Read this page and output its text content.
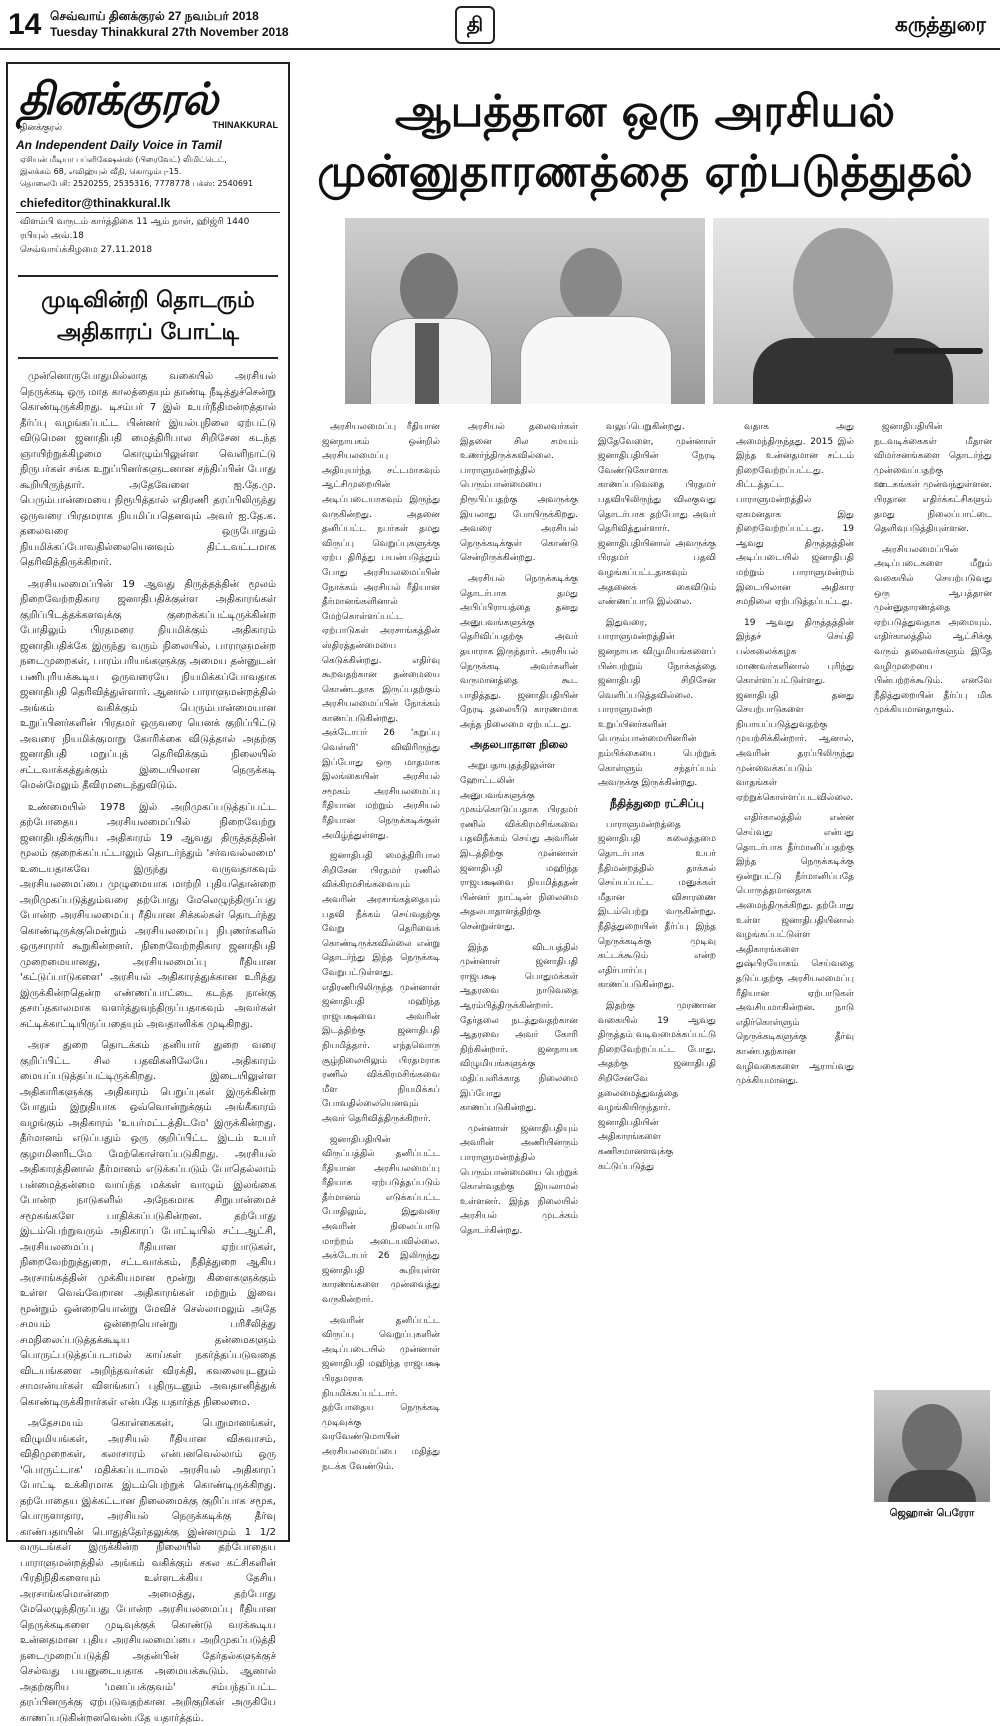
14 செவ்வாய் தினக்குரல் 27 நவம்பர் 2018
Tuesday Thinakkural 27th November 2018	தி	கருத்துரை
தினக்குரல்
தினக்குரல்	THINAKKURAL
An Independent Daily Voice in Tamil
ஏசியன் மீடியா பப்ளிகேஷன்ஸ் (பிரைவேட்) லிமிட்டெட்,
இலக்கம் 68, எவிஹ்யுல் வீதி, கொழும்பு-15.
தொலைபேசி: 2520255, 2535316, 7778778 பக்ஸ்: 2540691
chiefeditor@thinakkural.lk
விளம்பி வருடம் கார்த்திகை 11 ஆம் நாள், ஹிஜ்ரி 1440 ரபியுல் அவ்.18
செவ்வாய்க்கிழமை 27.11.2018
முடிவின்றி தொடரும்
அதிகாரப் போட்டி

முன்னொருபோதுமில்லாத வகையில் அரசியல் நெருக்கடி ஒரு மாத காலத்தையும் தாண்டி நீடித்துச்சென்று கொண்டிருக்கிறது. டிசம்பர் 7 இல் உயர்நீதிமன்றத்தால் தீர்ப்பு வழங்கப்பட்ட பின்னர் இயல்புநிலை ஏற்பட்டு விடுமென ஜனாதிபதி மைத்திரிபால சிறிசேன கடந்த ஞாயிற்றுக்கிழமை கொழும்பிலுள்ள வெளிநாட்டு நிருபர்கள் சங்க உறுப்பினர்களுடனான சந்திப்பின் போது கூறியிருந்தார். அதேவேளை ஐ.தே.மு. பெரும்பான்மையை நிரூபித்தால் எதிரணி தரப்பிலிருந்து ஒருவரை பிரதமராக நியமிப்பதெனவும் அவர் ஐ.தே.க. தலைவரை ஒருபோதும் நியமிக்கப்போவதில்லையெனவும் திட்டவட்டமாக தெரிவித்திருக்கிறார்.

அரசியலமைப்பின் 19 ஆவது திருத்தத்தின் மூலம் நிறைவேற்றதிகார ஜனாதிபதிக்குள்ள அதிகாரங்கள் குறிப்பிடத்தக்களவுக்கு குறைக்கப்பட்டிருக்கின்ற போதிலும் பிரதமரை நியமிக்கும் அதிகாரம் ஜனாதிபதிக்கே இருந்து வரும் நிலையில், பாராளுமன்ற நடைமுறைகள், பாரம்பரியங்களுக்கு அமைய தன்னுடன் பணிபுரியக்கூடிய ஒருவரையே நியமிக்கப்போவதாக ஜனாதிபதி தெரிவித்துள்ளார். ஆனால் பாராளுமன்றத்தில் அங்கம் வகிக்கும் பெரும்பான்மையான உறுப்பினர்களின் பிரதமர் ஒருவரை யெனக் குறிப்பிட்டு அவரை நியமிக்குமாறு கோரிக்கை விடுத்தால் அதற்கு ஜனாதிபதி மறுப்புத் தெரிவிக்கும் நிலையில் சட்டவாக்கத்துக்கும் இடையிலான நெருக்கடி மென்மேலும் தீவிரமடைந்துவிடும்.

உண்மையில் 1978 இல் அறிமுகப்படுத்தப்பட்ட தற்போதைய அரசியலமைப்பில் நிறைவேற்று ஜனாதிபதிக்குரிய அதிகாரம் 19 ஆவது திருத்தத்தின் மூலம் குறைக்கப்பட்டாலும் தொடர்ந்தும் 'சர்வவல்லமை' உடையதாகவே இருந்து வருவதாகவும் அரசியலமைப்பை முழுமையாக மாற்றி புதியதொன்றை அறிமுகப்படுத்தும்வரை தற்போது மேலெழுந்திருப்பது போன்ற அரசியலமைப்பு ரீதியான சிக்கல்கள் தொடர்ந்து கொண்டிருக்குமென்றும் அரசியலமைப்பு நிபுணர்களில் ஒருசாரார் கூறுகின்றனர். நிறைவேற்றதிகார ஜனாதிபதி முறைமையானது, அரசியலமைப்பு ரீதியான 'கட்டுப்பாடுகளை' அரசியல் அதிகாரத்துக்கான உரித்து இருக்கின்றதென்ற எண்ணப்பாட்டை கடந்த நான்கு தசாப்தகாலமாக வளர்த்துவந்திருப்பதாகவும் அவர்கள் சுட்டிக்காட்டியிருப்பதையும் அவதானிக்க முடிகிறது.

அரச துறை தொடக்கம் தனியார் துறை வரை குறிப்பிட்ட சில பதவிகளிலேயே அதிகாரம் மையப்படுத்தப்பட்டிருக்கிறது. இடையிலுள்ள அதிகாரிகளுக்கு அதிகாரம் பெறுப்புகள் இருக்கின்ற போதும் இறுதியாக ஒவ்வொன்றுக்கும் அங்கீகாரம் வழங்கும் அதிகாரம் 'உயர்மட்டத்திடமே' இருக்கின்றது. தீர்மானம் எடுப்பதும் ஒரு குறிப்பிட்ட இடம் உயர் குழாமினரிடமே மேற்கொள்ளப்படுகிறது. அரசியல் அதிகாரத்தினால் தீர்மானம் எடுக்கப்படும் போதெல்லாம் பன்மைத்தன்மை வாய்ந்த மக்கள் வாழும் இலங்கை போன்ற நாடுகளில் அநேகமாக சிறுபான்மைச் சமூகங்களே பாதிக்கப்படுகின்றன. தற்போது இடம்பெற்றுவரும் அதிகாரப் போட்டியில் சட்டஆட்சி, அரசியலமைப்பு ரீதியான ஏற்பாடுகள், நிறைவேற்றுத்துறை, சட்டவாக்கம், நீதித்துறை ஆகிய அரசாங்கத்தின் முக்கியமான மூன்று கிளைகளுக்கும் உள்ள வெவ்வேறான அதிகாரங்கள் மற்றும் இவை மூன்றும் ஒன்றையொன்று மேவிச் செல்லாமலும் அதே சமயம் ஒன்றையொன்று பரிசீலித்து சமநிலைப்படுத்தக்கூடிய தன்மைகளும் பொருட்படுத்தப்படாமல் காய்கள் நகர்த்தப்படுவதை விடயங்களை அறிந்தவர்கள் விரக்தி, கவலையுடனும் சாமான்யர்கள் விளங்காப் புதிருடனும் அவதானித்துக் கொண்டிருக்கிறார்கள் என்பதே யதார்த்த நிலைமை.

அதேசமயம் கொள்கைகள், பெறுமானங்கள், விழுமியங்கள், அரசியல் ரீதியான விசுவாசம், விதிமுறைகள், கலாசாரம் என்பனவெல்லாம் ஒரு 'பொருட்டாக' மதிக்கப்படாமல் அரசியல் அதிகாரப் போட்டி உக்கிரமாக இடம்பெற்றுக் கொண்டிருக்கிறது. தற்போதைய இக்கட்டான நிலைமைக்கு குறிப்பாக சமூக, பொருளாதார, அரசியல் நெருக்கடிக்கு தீர்வு காண்பதாயின் பொதுத்தேர்தலுக்கு இன்னமும் 1 1/2 வருடங்கள் இருக்கின்ற நிலையில் தற்போதைய பாராளுமன்றத்தில் அங்கம் வகிக்கும் சகல கட்சிகளின் பிரதிநிதிகளையும் உள்ளடக்கிய தேசிய அரசாங்கமொன்றை அமைத்து, தற்போது மேலெழுந்திருப்பது போன்ற அரசியலமைப்பு ரீதியான நெருக்கடிகளை முடிவுக்குக் கொண்டு வரக்கூடிய உன்னதமான புதிய அரசியலமைப்பை அறிமுகப்படுத்தி நடைமுறைப்படுத்தி அதன்பின் தேர்தல்களுக்குச் செல்வது பயனுடையதாக அமையக்கூடும். ஆனால் அதற்குரிய 'மனப்பக்குவம்' சம்பந்தப்பட்ட தரப்பினருக்கு ஏற்படுவதற்கான அறிகுறிகள் அருகியே காணப்படுகின்றனவென்பதே யதார்த்தம்.

ஆபத்தான ஒரு அரசியல்
முன்னுதாரணத்தை ஏற்படுத்துதல்

அரசியலமைப்பு ரீதியான ஜனநாயகம் ஒன்றில் அரசியலமைப்பு அதியுயர்ந்த சட்டமாகவும் ஆட்சிமுறையின் அடிப்படையாகவும் இருந்து வருகின்றது. அதனை தனிப்பட்ட நபர்கள் தமது விருப்பு வெறுப்புகளுக்கு ஏற்ப திரித்து பயன்படுத்தும் போது அரசியலமைப்பின் நோக்கம் அரசியல் ரீதியான தீர்மானங்களினால் மேற்கொள்ளப்பட்ட ஏற்பாடுகள் அரசாங்கத்தின் ஸ்திரத்தன்மையை கெடுக்கின்றது. எதிர்வு கூறவதற்கான தன்மையை கொண்டதாக இருப்பதற்கும் அரசியலமைப்பின் நோக்கம் காணப்படுகின்றது. அக்டோபர் 26 'கறுப்பு வெள்ளி' விவிரிருந்து இப்போது ஒரு மாதமாக இலங்கையின் அரசியல் சமூகம் அரசியலமைப்பு ரீதியான மற்றும் அரசியல் ரீதியான நெருக்கடிக்குள் அமிழ்ந்துள்ளது.

ஜனாதிபதி மைத்திரிபால சிறிசேன பிரதமர் ரணில் விக்கிரமசிங்கவையும் அவரின் அரசாங்கத்தையும் பதவி நீக்கம் செய்வதற்கு வேறு தெரிவைக் கொண்டிருக்கவில்லை என்று தொடர்ந்து இந்த நெருக்கடி வேறுபட்டுள்ளது. எதிரணியிலிருந்த முன்னாள் ஜனாதிபதி மஹிந்த ராஜபக்ஷவை அவரின் இடத்திற்கு ஜனாதிபதி நியமித்தார். எந்தவொரு சூழ்நிலையிலும் பிரதமராக ரணில் விக்கிரமசிங்கவை மீள நியமிக்கப் போவதில்லையெனவும் அவர் தெரிவித்திருக்கிறார்.

ஜனாதிபதியின் விருப்பத்தில் தனிப்பட்ட ரீதியான அரசியலமைப்பு ரீதியாக ஏற்படுத்தப்படும் தீர்மானம் எடுக்கப்பட்ட போதிலும், இதுவரை அவரின் நிலைப்பாடு மாற்றம் அடையவில்லை. அக்டோபர் 26 இலிருந்து ஜனாதிபதி கூறியுள்ள காரணங்களை முன்வைத்து வருகின்றார்.

அவரின் தனிப்பட்ட விருப்பு வெறுப்புகளின் அடிப்படையில் முன்னாள் ஜனாதிபதி மஹிந்த ராஜபக்ஷ பிரதமராக நியமிக்கப்பட்டார். தற்போதைய நெருக்கடி முடிவுக்கு வரவேண்டுமாயின் அரசியலமைப்பை மதித்து நடக்க வேண்டும்.

அரசியல் தலைவர்கள் இதனை சில சமயம் உணர்ந்திருக்கவில்லை. பாராளுமன்றத்தில் பெரும்பான்மையை நிரூபிப்பதற்கு அவருக்கு இயலாது போயிருக்கிறது. அவரை அரசியல் நெருக்கடிக்குள் கொண்டு சென்றிருக்கின்றது.

அரசியல் நெருக்கடிக்கு தொடர்பாக தமது அபிப்பிராயத்தை தனது அனுபவங்களுக்கு தெரிவிப்பதற்கு அவர் தயாராக இருந்தார். அரசியல் நெருக்கடி அவர்களின் வருமானத்தை கூட பாதித்தது. ஜனாதிபதியின் நேரடி தலையீடு காரணமாக அந்த நிலைமை ஏற்பட்டது.

அதலபாதாள நிலை

அறுபதாயுதத்திலுள்ள ஹோட்டலின் அனுபவங்களுக்கு முகம்கொடுப்பதாக பிரதமர் ரணில் விக்கிரமசிங்கவை பதவிநீக்கம் செய்து அவரின் இடத்திற்கு முன்னாள் ஜனாதிபதி மஹிந்த ராஜபக்ஷவை நியமித்ததன் பின்னர் நாட்டின் நிலைமை அதலபாதாளத்திற்கு சென்றுள்ளது.

இந்த விடயத்தில் முன்னாள் ஜனாதிபதி ராஜபக்ஷ பொதுமக்கள் ஆதரவை நாடுவதை ஆரம்பித்திருக்கின்றார். தேர்தலை நடத்துவதற்கான ஆதரவை அவர் கோரி நிற்கின்றார். ஜனநாயக விழுமியங்களுக்கு மதிப்பளிக்காத நிலைமை இப்போது காணப்படுகின்றது.

முன்னாள் ஜனாதிபதியும் அவரின் அணியினரும் பாராளுமன்றத்தில் பெரும்பான்மையை பெற்றுக் கொள்வதற்கு இயலாமல் உள்ளனர். இந்த நிலையில் அரசியல் முடக்கம் தொடர்கின்றது.

வலுப்பெறுகின்றது. இதேவேளை, முன்னாள் ஜனாதிபதியின் நேரடி வேண்டுகோளாக காணப்படுவதை பிரதமர் பதவியிலிருந்து விலகுவது தொடர்பாக தற்போது அவர் தெரிவித்துள்ளார். ஜனாதிபதியினால் அவருக்கு பிரதமர் பதவி வழங்கப்பட்டதாகவும் அதனைக் கைவிடும் எண்ணப்பாடு இல்லை.

இதுவரை, பாராளுமன்றத்தின் ஜனநாயக விழுமியங்களைப் பின்பற்றும் நோக்கத்தை ஜனாதிபதி சிறிசேன வெளிப்படுத்தவில்லை. பாராளுமன்ற உறுப்பினர்களின் பெரும்பான்மையினரின் நம்பிக்கையை பெற்றுக் கொள்ளும் சந்தர்ப்பம் அவருக்கு இருக்கின்றது.

நீதித்துறை ரட்சிப்பு

பாராளுமன்றத்தை ஜனாதிபதி கலைத்தமை தொடர்பாக உயர் நீதிமன்றத்தில் தாக்கல் செய்யப்பட்ட மனுக்கள் மீதான விசாரணை இடம்பெற்று வருகின்றது. நீதித்துறையின் தீர்ப்பு இந்த நெருக்கடிக்கு முடிவு கட்டக்கூடும் என்ற எதிர்பார்ப்பு காணப்படுகின்றது.

இதற்கு முரணான வகையில் 19 ஆவது திருத்தம் வடிவமைக்கப்பட்டு நிறைவேற்றப்பட்ட போது, அதற்கு ஜனாதிபதி சிறிசேனவே தலைமைத்துவத்தை வழங்கியிருந்தார். ஜனாதிபதியின் அதிகாரங்களை கணிசமானளவுக்கு கட்டுப்படுத்து

வதாக அது அமைந்திருந்தது. 2015 இல் இந்த உன்னதமான சட்டம் நிறைவேற்றப்பட்டது. கிட்டத்தட்ட பாராளுமன்றத்தில் ஏகமனதாக இது நிறைவேற்றப்பட்டது. 19 ஆவது திருத்தத்தின் அடிப்படையில் ஜனாதிபதி மற்றும் பாராளுமன்றம் இடையிலான அதிகார சமநிலை ஏற்படுத்தப்பட்டது.

19 ஆவது திருத்தத்தின் இந்தச் செய்தி பல்கலைக்கழக மாணவர்களினால் புரிந்து கொள்ளப்பட்டுள்ளது. ஜனாதிபதி தனது செயற்பாடுகளை நியாயப்படுத்துவதற்கு முயற்சிக்கின்றார். ஆனால், அவரின் தரப்பிலிருந்து முன்வைக்கப்படும் வாதங்கள் ஏற்றுக்கொள்ளப்படவில்லை.

எதிர்காலத்தில் என்ன செய்வது என்பது தொடர்பாக தீர்மானிப்பதற்கு இந்த நெருக்கடிக்கு ஒன்றுபட்டு நீர்மானிப்பதே பொருத்தமானதாக அமைந்திருக்கிறது. தற்போது உள்ள ஜனாதிபதியினால் வழங்கப்பட்டுள்ள அதிகாரங்களை துஷ்பிரயோகம் செய்வதை தடுப்பதற்கு அரசியலமைப்பு ரீதியான ஏற்பாடுகள் அவசியமாகின்றன. நாடு எதிர்கொள்ளும் நெருக்கடிகளுக்கு தீர்வு காண்பதற்கான வழிவகைகளை ஆராய்வது முக்கியமானது.

ஜனாதிபதியின் நடவடிக்கைகள் மீதான விமர்சனங்களை தொடர்ந்து முன்வைப்பதற்கு ஊடகங்கள் முன்வந்துள்ளன. பிரதான எதிர்க்கட்சிகளும் தமது நிலைப்பாட்டை தெளிவுபடுத்தியுள்ளன.

அரசியலமைப்பின் அடிப்படைகளை மீறும் வகையில் செயற்படுவது ஒரு ஆபத்தான முன்னுதாரணத்தை ஏற்படுத்துவதாக அமையும். எதிர்காலத்தில் ஆட்சிக்கு வரும் தலைவர்களும் இதே வழிமுறையை பின்பற்றக்கூடும். எனவே நீதித்துறையின் தீர்ப்பு மிக முக்கியமானதாகும்.

ஜெஹான் பெரேரா
